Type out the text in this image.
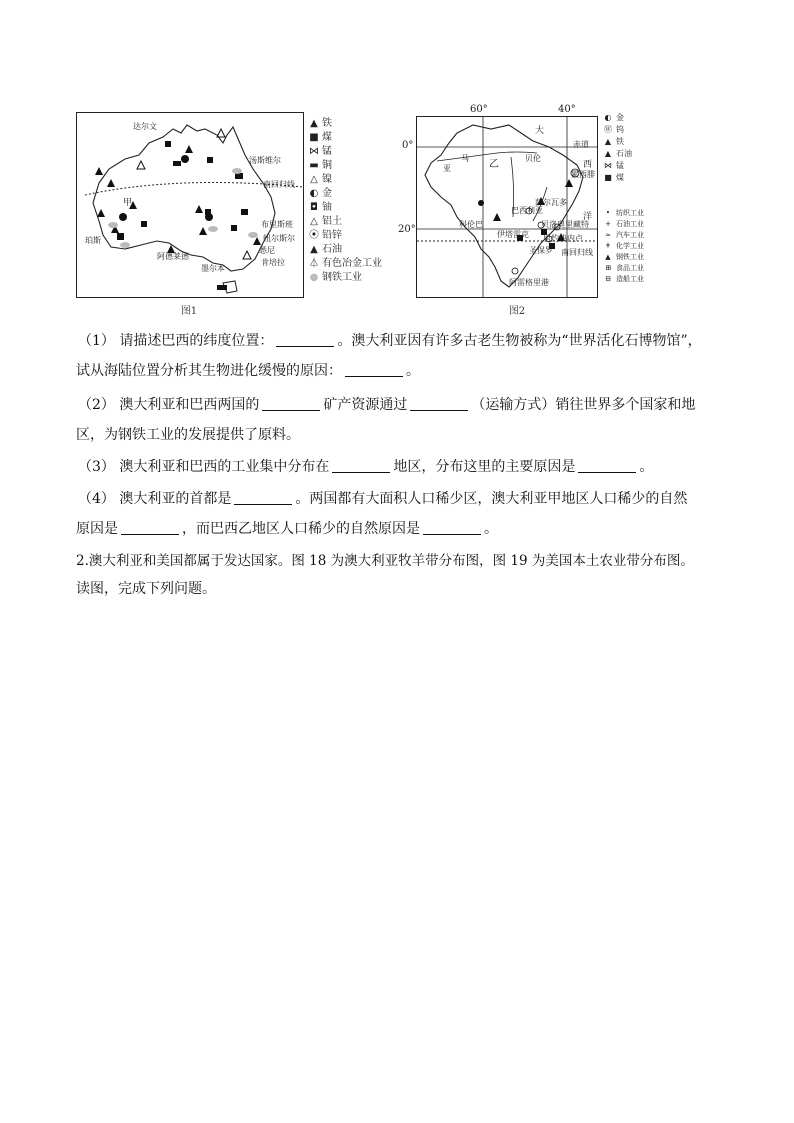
达尔文
汤斯维尔
南回归线
甲
珀斯
布里斯班
纽尔斯尔
悉尼
阿德莱德
墨尔本
肯培拉
▲ 铁
■ 煤
⋈ 锰
▬ 铜
△ 镍
◐ 金
◘ 铀
△ 铝土
⦿ 铅锌
▲ 石油
⏃ 有色冶金工业
● 钢铁工业
图1
60°	40°
0°
20°
大
赤道
亚
马
乙
贝伦
西
累西腓
萨尔瓦多
洋
巴西利亚
科伦巴	贝洛奥里藏特
伊塔雷克 里约热内卢
圣保罗 南回归线
阿雷格里港
◐ 金
Ⓦ 钨
▲ 铁
▲ 石油
⋈ 锰
■ 煤
• 纺织工业
+ 石油工业
≈ 汽车工业
ǂ 化学工业
▲ 钢铁工业
⊞ 食品工业
⊟ 造船工业
图2

（1） 请描述巴西的纬度位置：	。澳大利亚因有许多古老生物被称为“世界活化石博物馆”，

试从海陆位置分析其生物进化缓慢的原因：	。

（2） 澳大利亚和巴西两国的	矿产资源通过	（运输方式）销往世界多个国家和地

区，为钢铁工业的发展提供了原料。

（3） 澳大利亚和巴西的工业集中分布在	地区，分布这里的主要原因是	。

（4） 澳大利亚的首都是	。两国都有大面积人口稀少区，澳大利亚甲地区人口稀少的自然

原因是	，而巴西乙地区人口稀少的自然原因是	。

2.澳大利亚和美国都属于发达国家。图 18 为澳大利亚牧羊带分布图，图 19 为美国本土农业带分布图。

读图，完成下列问题。
